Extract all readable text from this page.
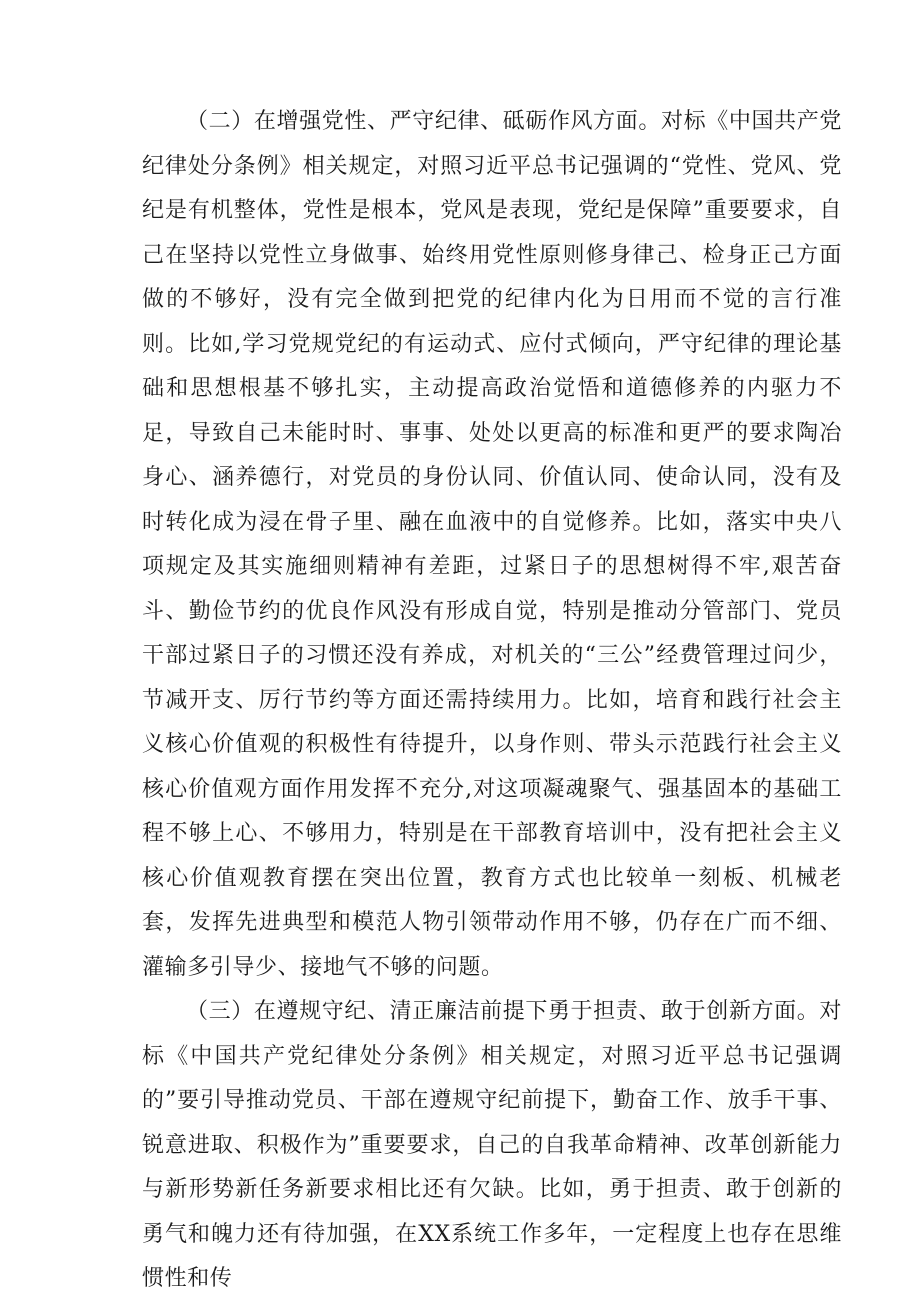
（二）在增强党性、严守纪律、砥砺作风方面。对标《中国共产党纪律处分条例》相关规定，对照习近平总书记强调的“党性、党风、党纪是有机整体，党性是根本，党风是表现，党纪是保障”重要要求，自己在坚持以党性立身做事、始终用党性原则修身律己、检身正己方面做的不够好，没有完全做到把党的纪律内化为日用而不觉的言行准则。比如,学习党规党纪的有运动式、应付式倾向，严守纪律的理论基础和思想根基不够扎实，主动提高政治觉悟和道德修养的内驱力不足，导致自己未能时时、事事、处处以更高的标准和更严的要求陶冶身心、涵养德行，对党员的身份认同、价值认同、使命认同，没有及时转化成为浸在骨子里、融在血液中的自觉修养。比如，落实中央八项规定及其实施细则精神有差距，过紧日子的思想树得不牢,艰苦奋斗、勤俭节约的优良作风没有形成自觉，特别是推动分管部门、党员干部过紧日子的习惯还没有养成，对机关的“三公”经费管理过问少，节减开支、厉行节约等方面还需持续用力。比如，培育和践行社会主义核心价值观的积极性有待提升，以身作则、带头示范践行社会主义核心价值观方面作用发挥不充分,对这项凝魂聚气、强基固本的基础工程不够上心、不够用力，特别是在干部教育培训中，没有把社会主义核心价值观教育摆在突出位置，教育方式也比较单一刻板、机械老套，发挥先进典型和模范人物引领带动作用不够，仍存在广而不细、灌输多引导少、接地气不够的问题。

（三）在遵规守纪、清正廉洁前提下勇于担责、敢于创新方面。对标《中国共产党纪律处分条例》相关规定，对照习近平总书记强调的”要引导推动党员、干部在遵规守纪前提下，勤奋工作、放手干事、锐意进取、积极作为”重要要求，自己的自我革命精神、改革创新能力与新形势新任务新要求相比还有欠缺。比如，勇于担责、敢于创新的勇气和魄力还有待加强，在XX系统工作多年，一定程度上也存在思维惯性和传
